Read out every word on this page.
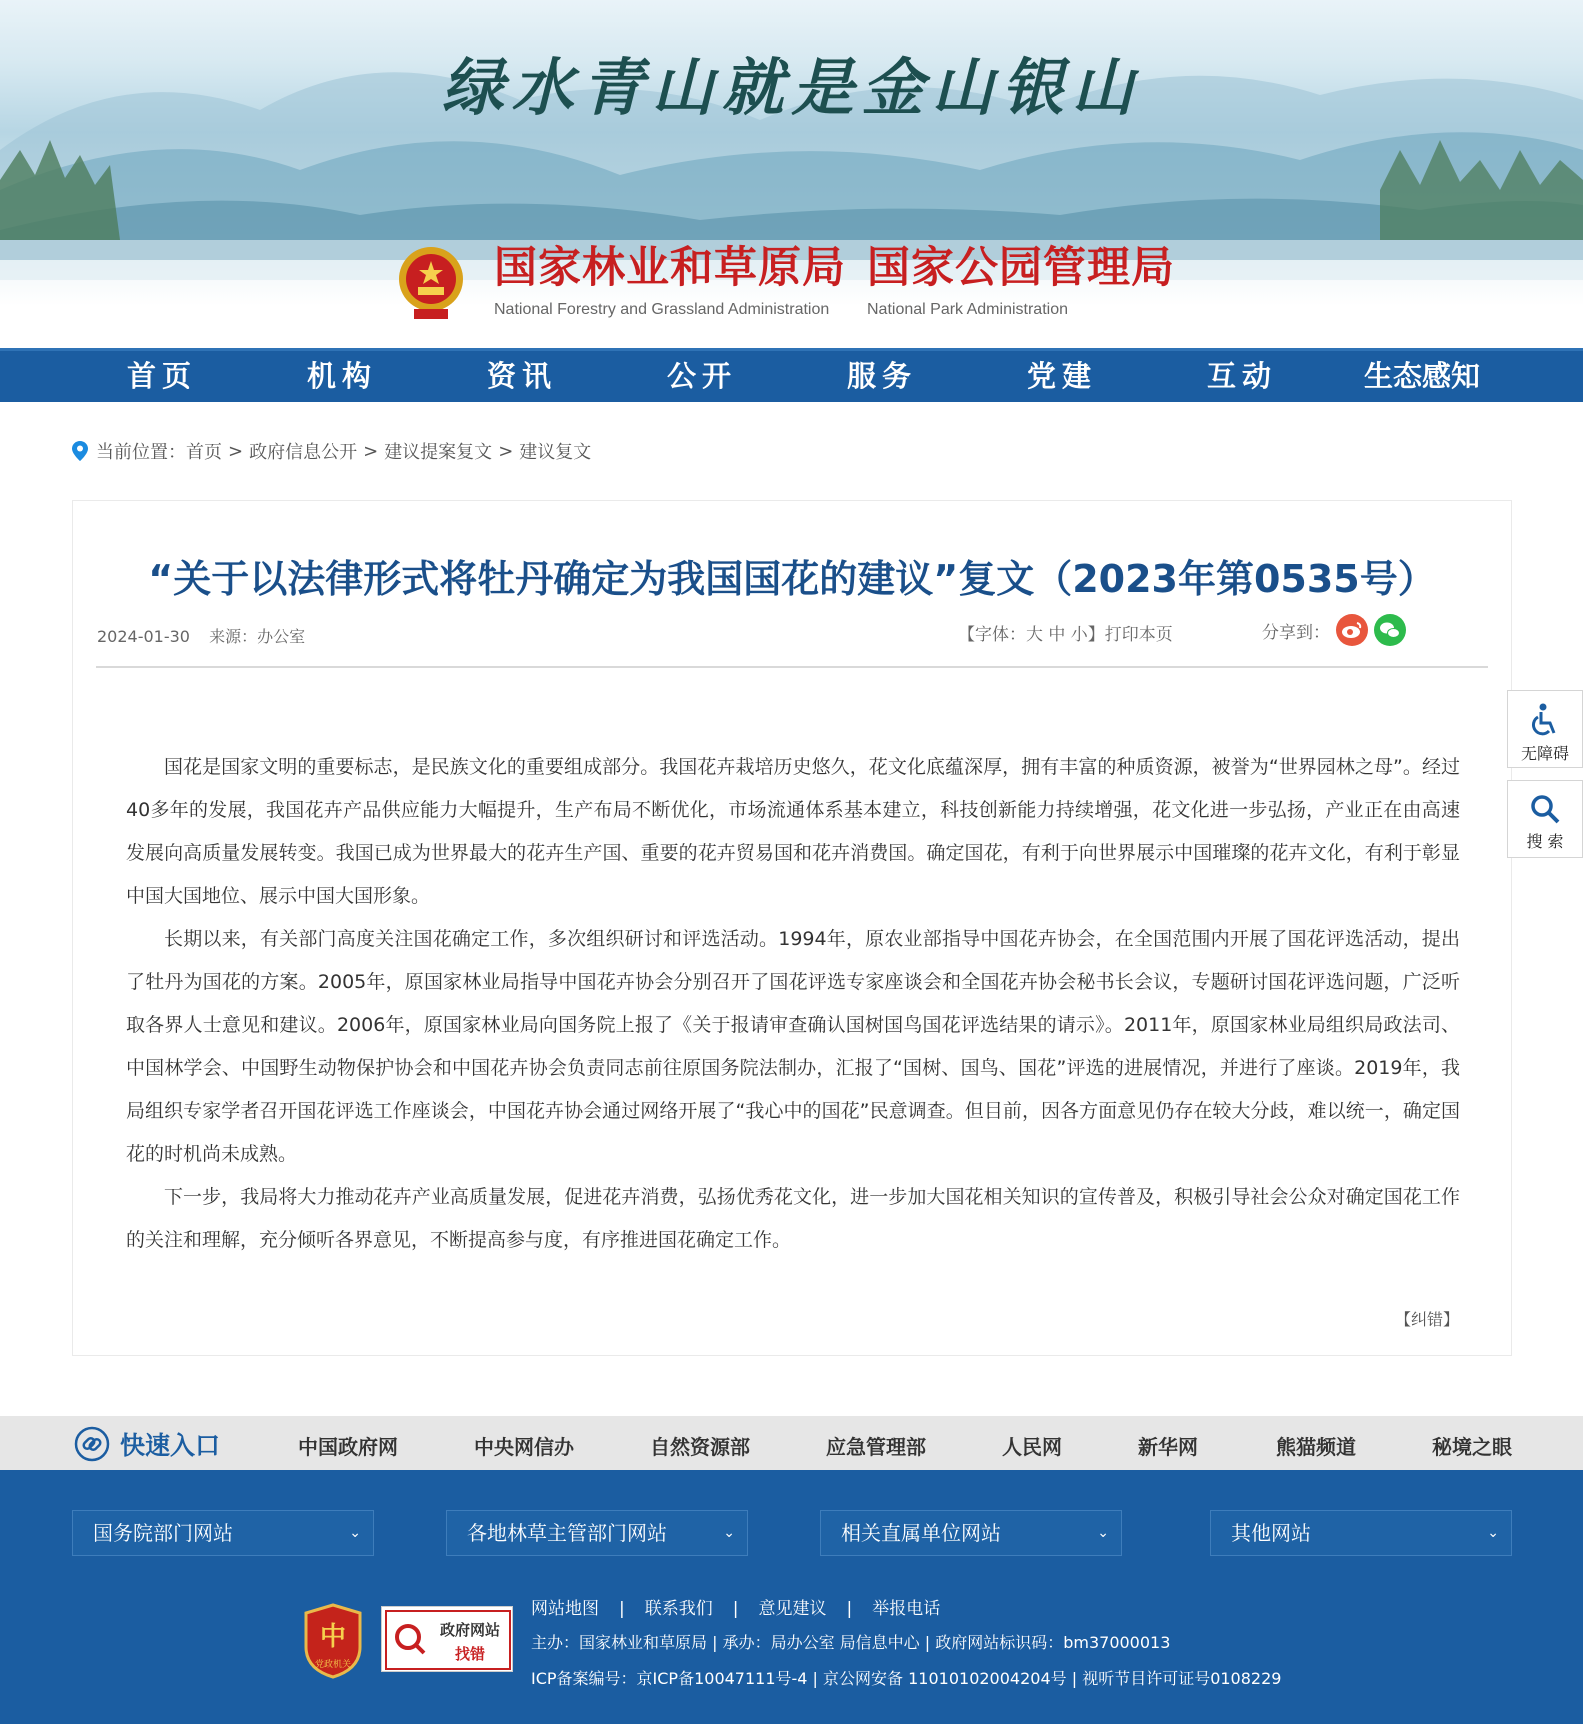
绿水青山就是金山银山
国家林业和草原局
National Forestry and Grassland Administration
国家公园管理局
National Park Administration
首页	机构	资讯	公开	服务	党建	互动	生态感知
当前位置： 首页 > 政府信息公开 > 建议提案复文 > 建议复文
“关于以法律形式将牡丹确定为我国国花的建议”复文（2023年第0535号）
2024-01-30 来源：办公室	【字体：大 中 小】打印本页	分享到：

国花是国家文明的重要标志，是民族文化的重要组成部分。我国花卉栽培历史悠久，花文化底蕴深厚，拥有丰富的种质资源，被誉为“世界园林之母”。经过40多年的发展，我国花卉产品供应能力大幅提升，生产布局不断优化，市场流通体系基本建立，科技创新能力持续增强，花文化进一步弘扬，产业正在由高速发展向高质量发展转变。我国已成为世界最大的花卉生产国、重要的花卉贸易国和花卉消费国。确定国花，有利于向世界展示中国璀璨的花卉文化，有利于彰显中国大国地位、展示中国大国形象。

长期以来，有关部门高度关注国花确定工作，多次组织研讨和评选活动。1994年，原农业部指导中国花卉协会，在全国范围内开展了国花评选活动，提出了牡丹为国花的方案。2005年，原国家林业局指导中国花卉协会分别召开了国花评选专家座谈会和全国花卉协会秘书长会议，专题研讨国花评选问题，广泛听取各界人士意见和建议。2006年，原国家林业局向国务院上报了《关于报请审查确认国树国鸟国花评选结果的请示》。2011年，原国家林业局组织局政法司、中国林学会、中国野生动物保护协会和中国花卉协会负责同志前往原国务院法制办，汇报了“国树、国鸟、国花”评选的进展情况，并进行了座谈。2019年，我局组织专家学者召开国花评选工作座谈会，中国花卉协会通过网络开展了“我心中的国花”民意调查。但目前，因各方面意见仍存在较大分歧，难以统一，确定国花的时机尚未成熟。

下一步，我局将大力推动花卉产业高质量发展，促进花卉消费，弘扬优秀花文化，进一步加大国花相关知识的宣传普及，积极引导社会公众对确定国花工作的关注和理解，充分倾听各界意见，不断提高参与度，有序推进国花确定工作。

【纠错】
无障碍
搜 索
快速入口	中国政府网	中央网信办	自然资源部	应急管理部	人民网	新华网	熊猫频道	秘境之眼
国务院部门网站	⌄	各地林草主管部门网站	⌄	相关直属单位网站	⌄	其他网站	⌄
中
党政机关
政府网站
找错
网站地图 | 联系我们 | 意见建议 | 举报电话
主办：国家林业和草原局 | 承办：局办公室 局信息中心 | 政府网站标识码：bm37000013
ICP备案编号：京ICP备10047111号-4 | 京公网安备 11010102004204号 | 视听节目许可证号0108229
